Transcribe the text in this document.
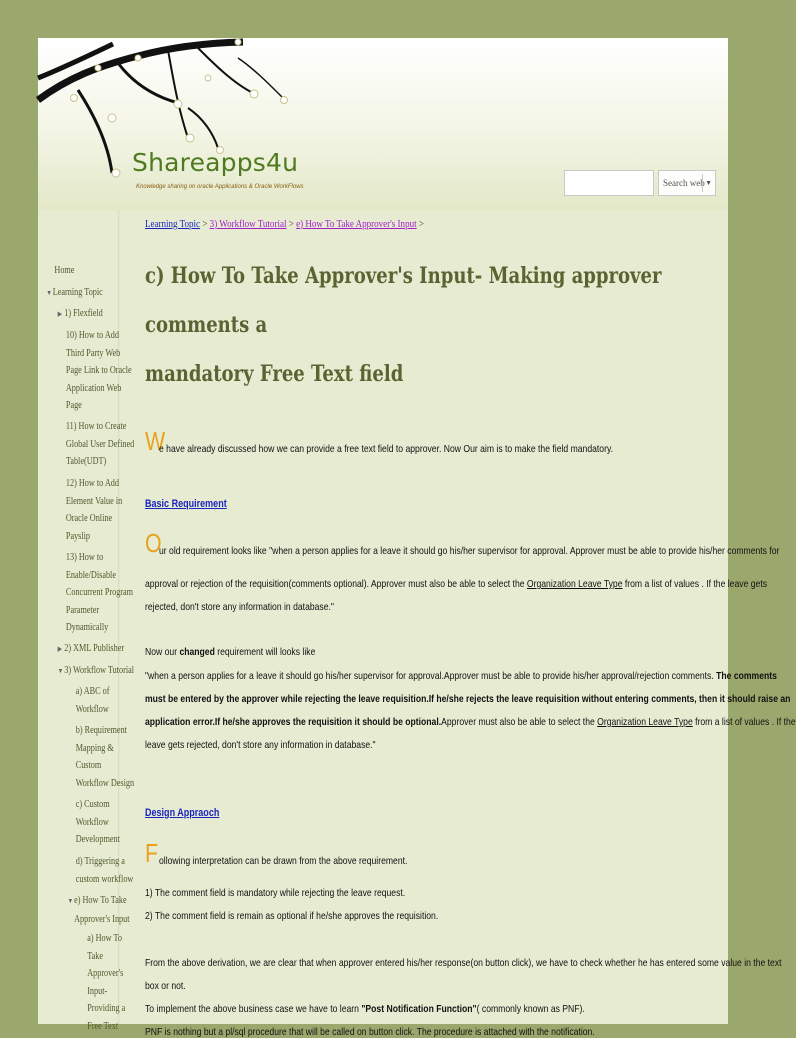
Shareapps4u
Knowledge sharing on oracle Applications & Oracle WorkFlows	Search web ▼
Home
▼Learning Topic
▶ 1) Flexfield
10) How to Add
Third Party Web
Page Link to Oracle
Application Web
Page
11) How to Create
Global User Defined
Table(UDT)
12) How to Add
Element Value in
Oracle Online
Payslip
13) How to
Enable/Disable
Concurrent Program
Parameter
Dynamically
▶ 2) XML Publisher
▼3) Workflow Tutorial
a) ABC of
Workflow
b) Requirement
Mapping &
Custom
Workflow Design
c) Custom
Workflow
Development
d) Triggering a
custom workflow
▼e) How To Take
Approver's Input
a) How To
Take
Approver's
Input-
Providing a
Free Text
Learning Topic > 3) Workflow Tutorial > e) How To Take Approver's Input >
c) How To Take Approver's Input- Making approver comments a
mandatory Free Text field
W
e have already discussed how we can provide a free text field to approver. Now Our aim is to make the field mandatory.
Basic Requirement
O
ur old requirement looks like "when a person applies for a leave it should go his/her supervisor for approval. Approver must be able to provide his/her comments for
approval or rejection of the requisition(comments optional). Approver must also be able to select the Organization Leave Type from a list of values . If the leave gets
rejected, don't store any information in database."
Now our changed requirement will looks like
"when a person applies for a leave it should go his/her supervisor for approval.Approver must be able to provide his/her approval/rejection comments. The comments
must be entered by the approver while rejecting the leave requisition.If he/she rejects the leave requisition without entering comments, then it should raise an
application error.If he/she approves the requisition it should be optional.Approver must also be able to select the Organization Leave Type from a list of values . If the
leave gets rejected, don't store any information in database."
Design Appraoch
F ollowing interpretation can be drawn from the above requirement.
1) The comment field is mandatory while rejecting the leave request.
2) The comment field is remain as optional if he/she approves the requisition.
From the above derivation, we are clear that when approver entered his/her response(on button click), we have to check whether he has entered some value in the text
box or not.
To implement the above business case we have to learn "Post Notification Function"( commonly known as PNF).
PNF is nothing but a pl/sql procedure that will be called on button click. The procedure is attached with the notification.
